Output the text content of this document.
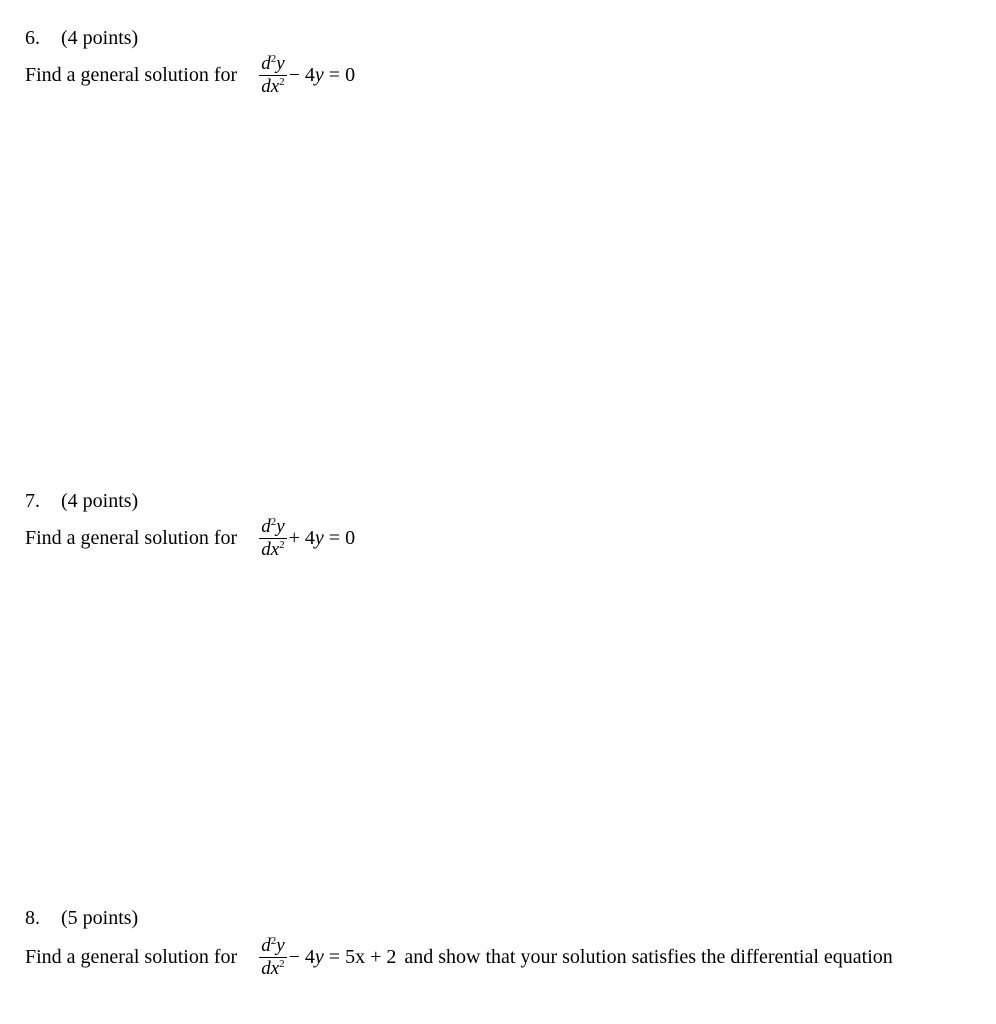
6. (4 points)
Find a general solution for $\frac{d^2y}{dx^2} - 4y = 0$
7. (4 points)
Find a general solution for $\frac{d^2y}{dx^2} + 4y = 0$
8. (5 points)
Find a general solution for $\frac{d^2y}{dx^2} - 4y = 5x + 2$ and show that your solution satisfies the differential equation
